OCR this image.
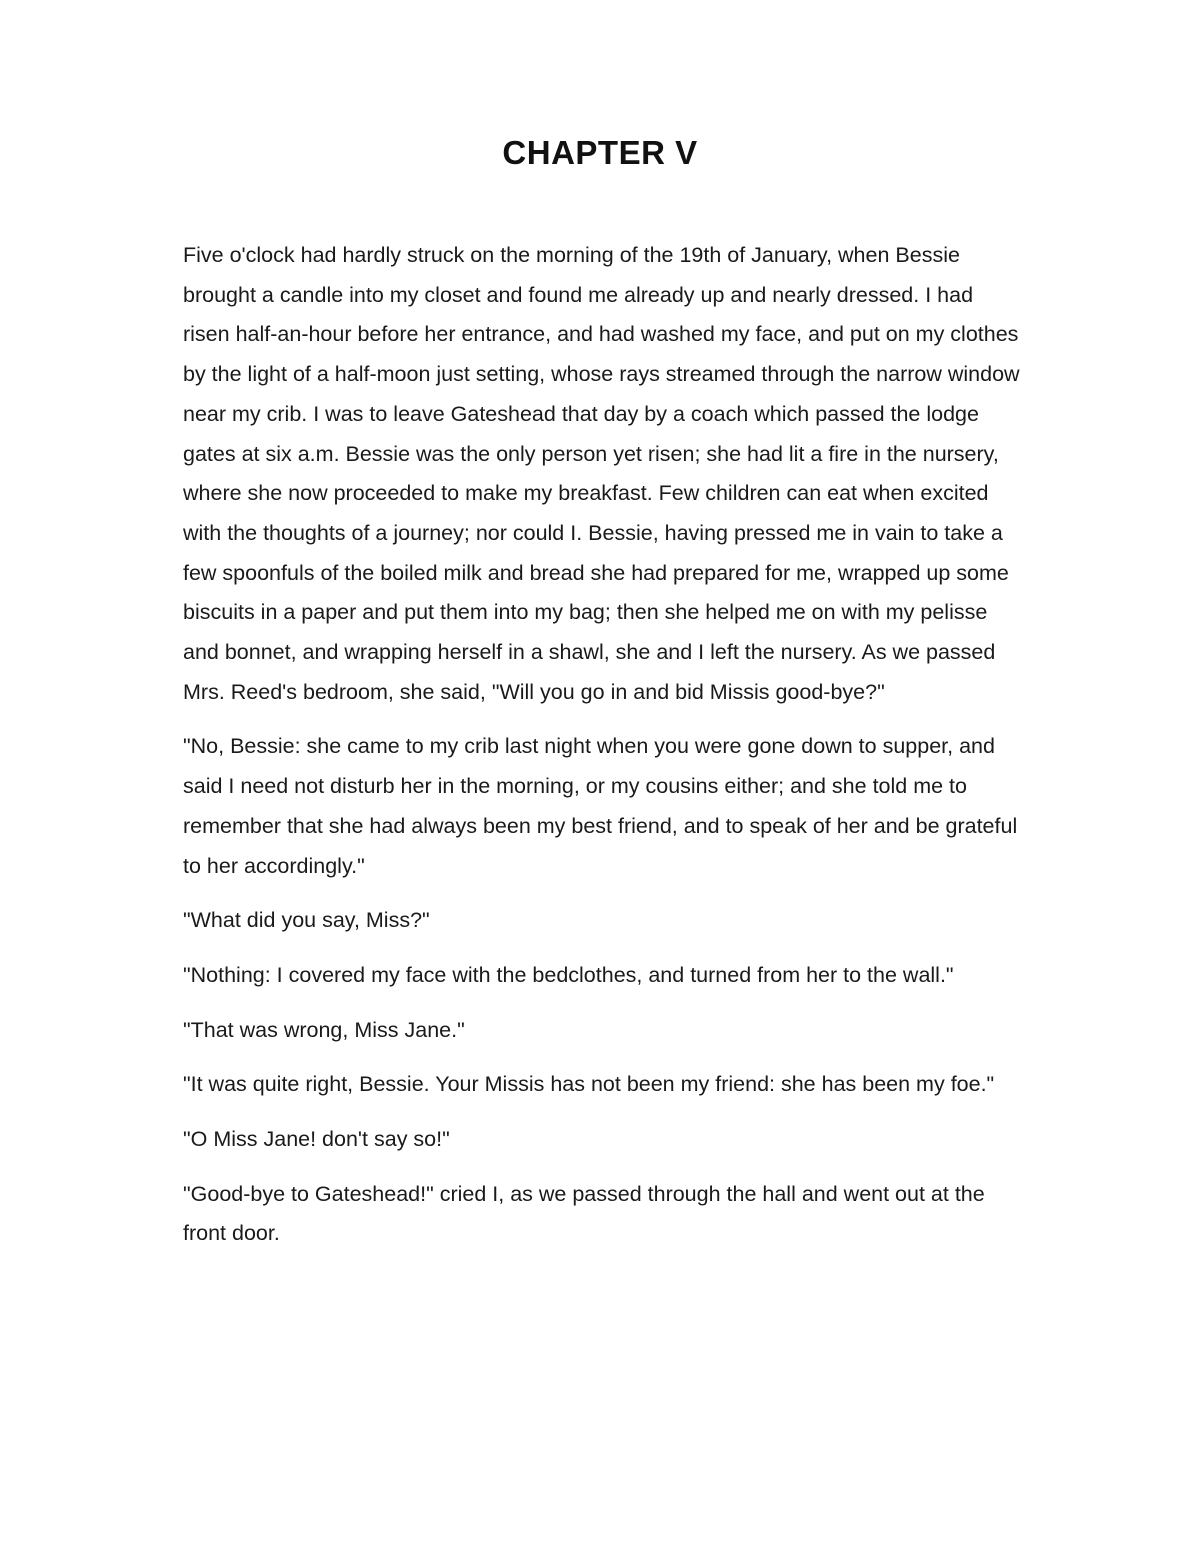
CHAPTER V

Five o'clock had hardly struck on the morning of the 19th of January, when Bessie brought a candle into my closet and found me already up and nearly dressed. I had risen half-an-hour before her entrance, and had washed my face, and put on my clothes by the light of a half-moon just setting, whose rays streamed through the narrow window near my crib. I was to leave Gateshead that day by a coach which passed the lodge gates at six a.m. Bessie was the only person yet risen; she had lit a fire in the nursery, where she now proceeded to make my breakfast. Few children can eat when excited with the thoughts of a journey; nor could I. Bessie, having pressed me in vain to take a few spoonfuls of the boiled milk and bread she had prepared for me, wrapped up some biscuits in a paper and put them into my bag; then she helped me on with my pelisse and bonnet, and wrapping herself in a shawl, she and I left the nursery. As we passed Mrs. Reed's bedroom, she said, "Will you go in and bid Missis good-bye?"

"No, Bessie: she came to my crib last night when you were gone down to supper, and said I need not disturb her in the morning, or my cousins either; and she told me to remember that she had always been my best friend, and to speak of her and be grateful to her accordingly."

"What did you say, Miss?"

"Nothing: I covered my face with the bedclothes, and turned from her to the wall."

"That was wrong, Miss Jane."

"It was quite right, Bessie. Your Missis has not been my friend: she has been my foe."

"O Miss Jane! don't say so!"

"Good-bye to Gateshead!" cried I, as we passed through the hall and went out at the front door.
